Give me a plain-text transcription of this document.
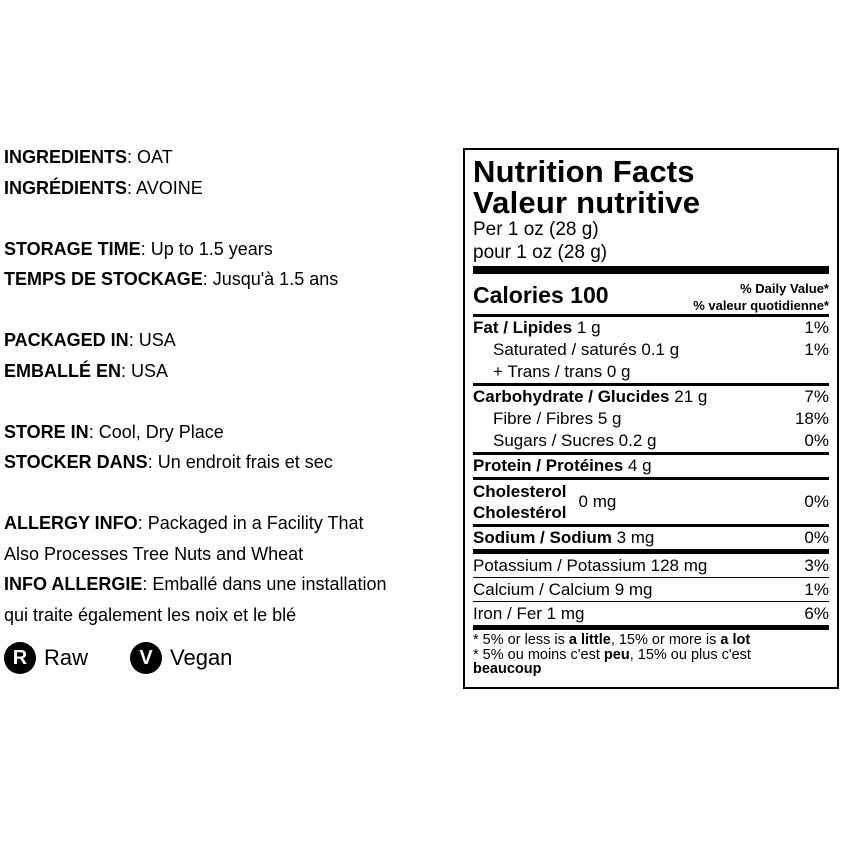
INGREDIENTS: OAT
INGRÉDIENTS: AVOINE
STORAGE TIME: Up to 1.5 years
TEMPS DE STOCKAGE: Jusqu'à 1.5 ans
PACKAGED IN: USA
EMBALLÉ EN: USA
STORE IN: Cool, Dry Place
STOCKER DANS: Un endroit frais et sec
ALLERGY INFO: Packaged in a Facility That
Also Processes Tree Nuts and Wheat
INFO ALLERGIE: Emballé dans une installation
qui traite également les noix et le blé
R Raw	V Vegan
Nutrition Facts
Valeur nutritive
Per 1 oz (28 g)
pour 1 oz (28 g)
Calories 100	% Daily Value*
% valeur quotidienne*
Fat / Lipides 1 g	1%
Saturated / saturés 0.1 g	1%
+ Trans / trans 0 g
Carbohydrate / Glucides 21 g	7%
Fibre / Fibres 5 g	18%
Sugars / Sucres 0.2 g	0%
Protein / Protéines 4 g
Cholesterol
Cholestérol
0 mg	0%
Sodium / Sodium 3 mg	0%
Potassium / Potassium 128 mg	3%
Calcium / Calcium 9 mg	1%
Iron / Fer 1 mg	6%
* 5% or less is a little, 15% or more is a lot
* 5% ou moins c'est peu, 15% ou plus c'est
beaucoup
